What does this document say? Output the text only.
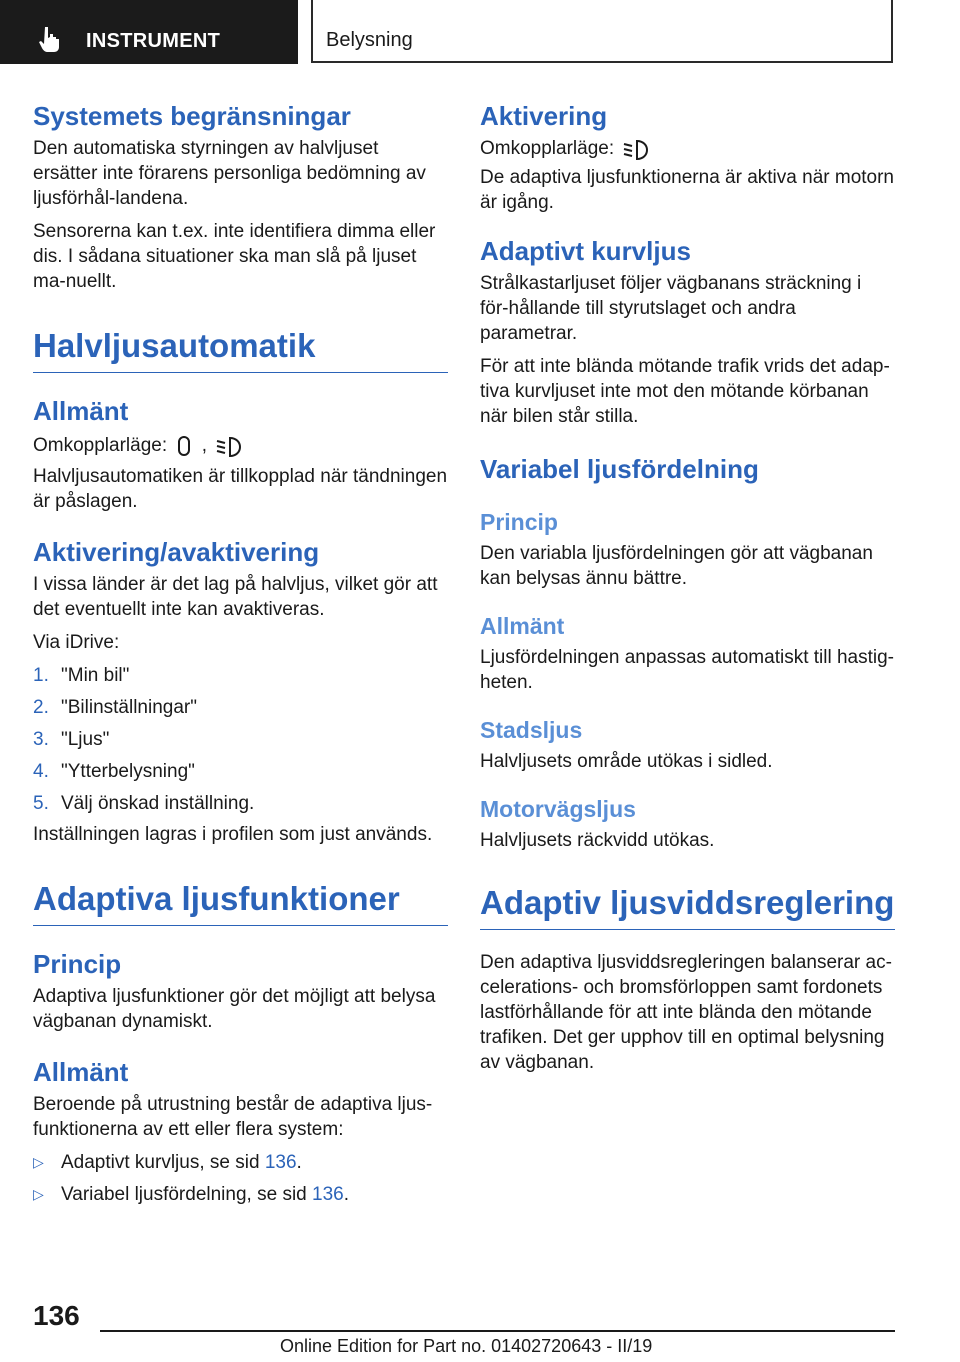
INSTRUMENT	Belysning
Systemets begränsningar

Den automatiska styrningen av halvljuset ersätter inte förarens personliga bedömning av ljusförhål-landena.

Sensorerna kan t.ex. inte identifiera dimma eller dis. I sådana situationer ska man slå på ljuset ma-nuellt.

Halvljusautomatik
Allmänt

Omkopplarläge: ,

Halvljusautomatiken är tillkopplad när tändningen är påslagen.

Aktivering/avaktivering

I vissa länder är det lag på halvljus, vilket gör att det eventuellt inte kan avaktiveras.

Via iDrive:

1. "Min bil"
2. "Bilinställningar"
3. "Ljus"
4. "Ytterbelysning"
5. Välj önskad inställning.

Inställningen lagras i profilen som just används.

Adaptiva ljusfunktioner
Princip

Adaptiva ljusfunktioner gör det möjligt att belysa vägbanan dynamiskt.

Allmänt

Beroende på utrustning består de adaptiva ljus-funktionerna av ett eller flera system:

▷ Adaptivt kurvljus, se sid 136.
▷ Variabel ljusfördelning, se sid 136.
Aktivering

Omkopplarläge:

De adaptiva ljusfunktionerna är aktiva när motorn är igång.

Adaptivt kurvljus

Strålkastarljuset följer vägbanans sträckning i för-hållande till styrutslaget och andra parametrar.

För att inte blända mötande trafik vrids det adap-tiva kurvljuset inte mot den mötande körbanan när bilen står stilla.

Variabel ljusfördelning
Princip

Den variabla ljusfördelningen gör att vägbanan kan belysas ännu bättre.

Allmänt

Ljusfördelningen anpassas automatiskt till hastig-heten.

Stadsljus

Halvljusets område utökas i sidled.

Motorvägsljus

Halvljusets räckvidd utökas.

Adaptiv ljusviddsreglering

Den adaptiva ljusviddsregleringen balanserar ac-celerations- och bromsförloppen samt fordonets lastförhållande för att inte blända den mötande trafiken. Det ger upphov till en optimal belysning av vägbanan.

136
Online Edition for Part no. 01402720643 - II/19
